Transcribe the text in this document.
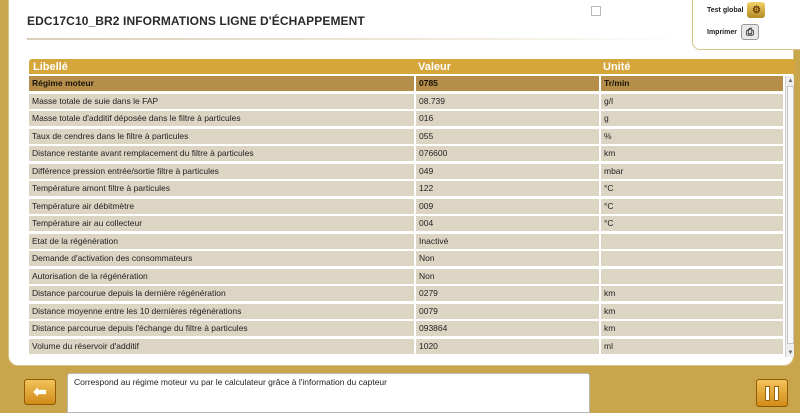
EDC17C10_BR2 INFORMATIONS LIGNE D'ÉCHAPPEMENT
Test global ⚙
Imprimer ⎙
Libellé	Valeur	Unité
Régime moteur	0785	Tr/min
Masse totale de suie dans le FAP	08.739	g/l
Masse totale d'additif déposée dans le filtre à particules	016	g
Taux de cendres dans le filtre à particules	055	%
Distance restante avant remplacement du filtre à particules	076600	km
Différence pression entrée/sortie filtre à particules	049	mbar
Température amont filtre à particules	122	°C
Température air débitmètre	009	°C
Température air au collecteur	004	°C
Etat de la régénération	Inactivé
Demande d'activation des consommateurs	Non
Autorisation de la régénération	Non
Distance parcourue depuis la dernière régénération	0279	km
Distance moyenne entre les 10 dernières régénérations	0079	km
Distance parcourue depuis l'échange du filtre à particules	093864	km
Volume du réservoir d'additif	1020	ml
▲
▼
⬅
Correspond au régime moteur vu par le calculateur grâce à l'information du capteur
